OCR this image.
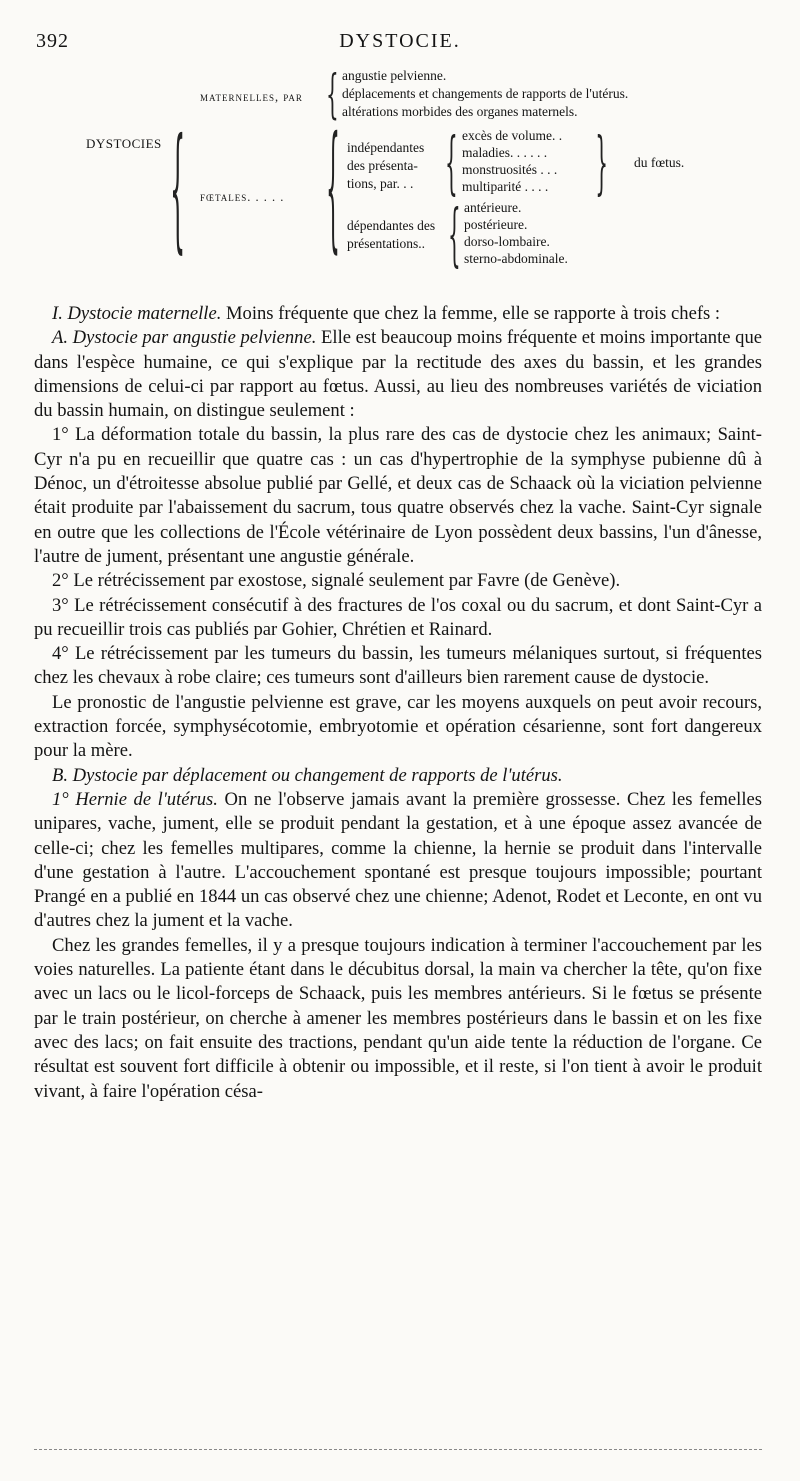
392	DYSTOCIE.
DYSTOCIES {
maternelles, par { angustie pelvienne.
déplacements et changements de rapports de l'utérus.
altérations morbides des organes maternels.
fœtales. . . . . { indépendantes
des présenta-
tions, par. . . { excès de volume. .
maladies. . . . . .
monstruosités . . .
multiparité . . . . { du fœtus.
dépendantes des
présentations.. { antérieure.
postérieure.
dorso-lombaire.
sterno-abdominale.

I. Dystocie maternelle. Moins fréquente que chez la femme, elle se rapporte à trois chefs :

A. Dystocie par angustie pelvienne. Elle est beaucoup moins fréquente et moins importante que dans l'espèce humaine, ce qui s'explique par la rectitude des axes du bassin, et les grandes dimensions de celui-ci par rapport au fœtus. Aussi, au lieu des nombreuses variétés de viciation du bassin humain, on distingue seulement :

1° La déformation totale du bassin, la plus rare des cas de dystocie chez les animaux; Saint-Cyr n'a pu en recueillir que quatre cas : un cas d'hypertrophie de la symphyse pubienne dû à Dénoc, un d'étroitesse absolue publié par Gellé, et deux cas de Schaack où la viciation pelvienne était produite par l'abaissement du sacrum, tous quatre observés chez la vache. Saint-Cyr signale en outre que les collections de l'École vétérinaire de Lyon possèdent deux bassins, l'un d'ânesse, l'autre de jument, présentant une angustie générale.

2° Le rétrécissement par exostose, signalé seulement par Favre (de Genève).

3° Le rétrécissement consécutif à des fractures de l'os coxal ou du sacrum, et dont Saint-Cyr a pu recueillir trois cas publiés par Gohier, Chrétien et Rainard.

4° Le rétrécissement par les tumeurs du bassin, les tumeurs mélaniques surtout, si fréquentes chez les chevaux à robe claire; ces tumeurs sont d'ailleurs bien rarement cause de dystocie.

Le pronostic de l'angustie pelvienne est grave, car les moyens auxquels on peut avoir recours, extraction forcée, symphysécotomie, embryotomie et opération césarienne, sont fort dangereux pour la mère.

B. Dystocie par déplacement ou changement de rapports de l'utérus.

1° Hernie de l'utérus. On ne l'observe jamais avant la première grossesse. Chez les femelles unipares, vache, jument, elle se produit pendant la gestation, et à une époque assez avancée de celle-ci; chez les femelles multipares, comme la chienne, la hernie se produit dans l'intervalle d'une gestation à l'autre. L'accouchement spontané est presque toujours impossible; pourtant Prangé en a publié en 1844 un cas observé chez une chienne; Adenot, Rodet et Leconte, en ont vu d'autres chez la jument et la vache.

Chez les grandes femelles, il y a presque toujours indication à terminer l'accouchement par les voies naturelles. La patiente étant dans le décubitus dorsal, la main va chercher la tête, qu'on fixe avec un lacs ou le licol-forceps de Schaack, puis les membres antérieurs. Si le fœtus se présente par le train postérieur, on cherche à amener les membres postérieurs dans le bassin et on les fixe avec des lacs; on fait ensuite des tractions, pendant qu'un aide tente la réduction de l'organe. Ce résultat est souvent fort difficile à obtenir ou impossible, et il reste, si l'on tient à avoir le produit vivant, à faire l'opération césa-
